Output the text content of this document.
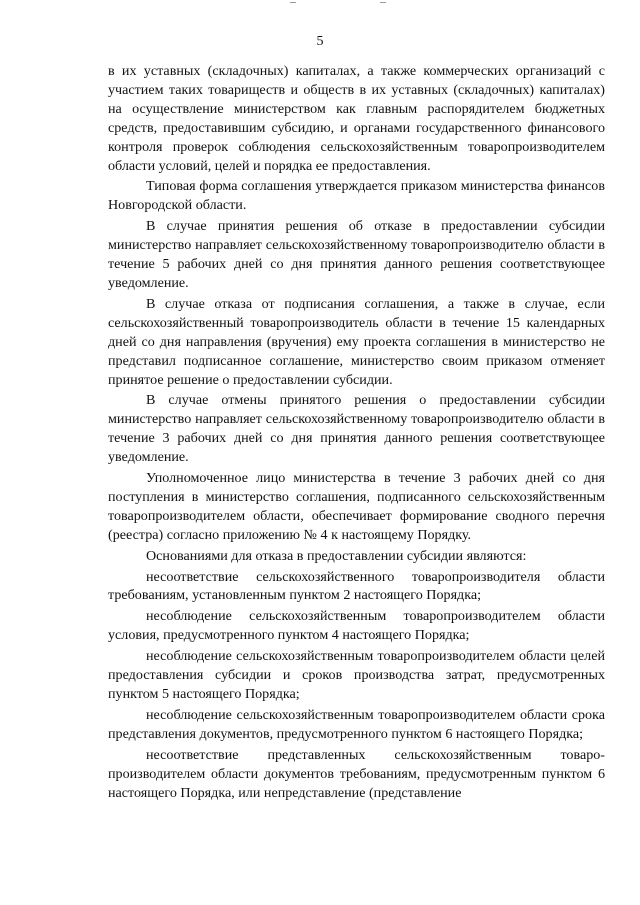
5

в их уставных (складочных) капиталах, а также коммерческих организаций с участием таких товариществ и обществ в их уставных (складочных) капиталах) на осуществление министерством как главным распорядителем бюджетных средств, предоставившим субсидию, и органами государственного финансового контроля проверок соблюдения сельскохозяйственным товаропроизводителем области условий, целей и порядка ее предоставления.

Типовая форма соглашения утверждается приказом министерства финансов Новгородской области.

В случае принятия решения об отказе в предоставлении субсидии министерство направляет сельскохозяйственному товаропроизводителю области в течение 5 рабочих дней со дня принятия данного решения соответствующее уведомление.

В случае отказа от подписания соглашения, а также в случае, если сельскохозяйственный товаропроизводитель области в течение 15 календарных дней со дня направления (вручения) ему проекта соглашения в министерство не представил подписанное соглашение, министерство своим приказом отменяет принятое решение о предоставлении субсидии.

В случае отмены принятого решения о предоставлении субсидии министерство направляет сельскохозяйственному товаропроизводителю области в течение 3 рабочих дней со дня принятия данного решения соответствующее уведомление.

Уполномоченное лицо министерства в течение 3 рабочих дней со дня поступления в министерство соглашения, подписанного сельскохозяйственным товаропроизводителем области, обеспечивает формирование сводного перечня (реестра) согласно приложению № 4 к настоящему Порядку.

Основаниями для отказа в предоставлении субсидии являются:

несоответствие сельскохозяйственного товаропроизводителя области требованиям, установленным пунктом 2 настоящего Порядка;

несоблюдение сельскохозяйственным товаропроизводителем области условия, предусмотренного пунктом 4 настоящего Порядка;

несоблюдение сельскохозяйственным товаропроизводителем области целей предоставления субсидии и сроков производства затрат, предусмотренных пунктом 5 настоящего Порядка;

несоблюдение сельскохозяйственным товаропроизводителем области срока представления документов, предусмотренного пунктом 6 настоящего Порядка;

несоответствие представленных сельскохозяйственным товаро-производителем области документов требованиям, предусмотренным пунктом 6 настоящего Порядка, или непредставление (представление
